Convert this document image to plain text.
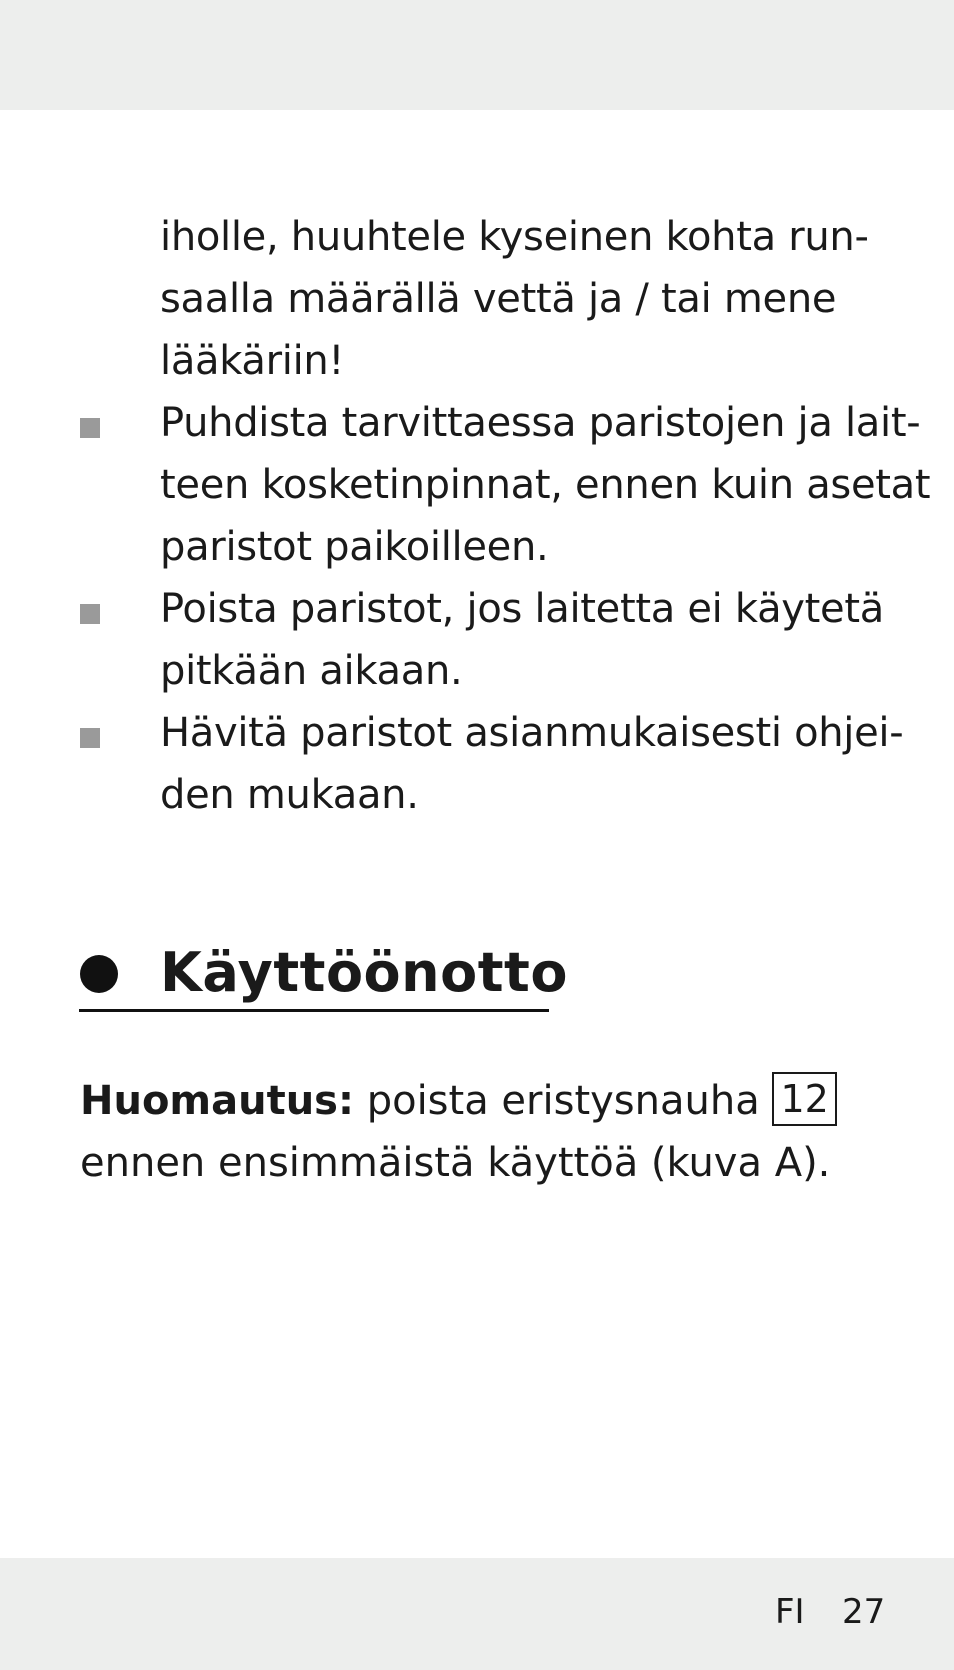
iholle, huuhtele kyseinen kohta run-
saalla määrällä vettä ja / tai mene
lääkäriin!
Puhdista tarvittaessa paristojen ja lait-
teen kosketinpinnat, ennen kuin asetat
paristot paikoilleen.
Poista paristot, jos laitetta ei käytetä
pitkään aikaan.
Hävitä paristot asianmukaisesti ohjei-
den mukaan.
Käyttöönotto
Huomautus: poista eristysnauha 12
ennen ensimmäistä käyttöä (kuva A).
FI 27
